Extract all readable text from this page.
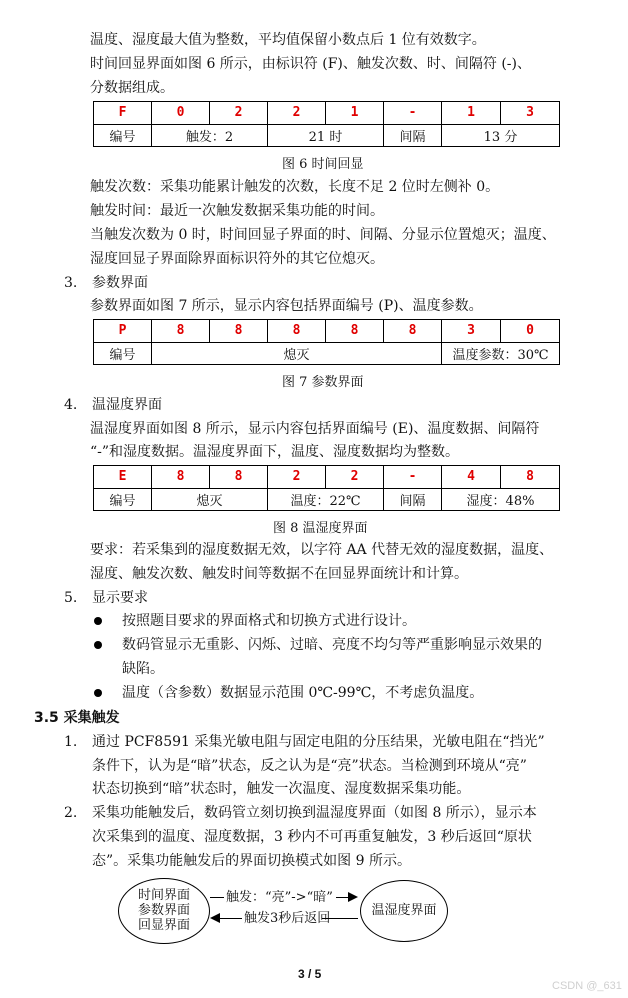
温度、湿度最大值为整数，平均值保留小数点后 1 位有效数字。
时间回显界面如图 6 所示，由标识符 (F)、触发次数、时、间隔符 (-)、
分数据组成。
F	0	2	2	1	-	1	3
编号	触发：2		21 时		间隔	13 分	
图 6 时间回显
触发次数：采集功能累计触发的次数，长度不足 2 位时左侧补 0。
触发时间：最近一次触发数据采集功能的时间。
当触发次数为 0 时，时间回显子界面的时、间隔、分显示位置熄灭；温度、
湿度回显子界面除界面标识符外的其它位熄灭。
3. 参数界面
参数界面如图 7 所示，显示内容包括界面编号 (P)、温度参数。
P	8	8	8	8	8	3	0
编号	熄灭					温度参数：30℃	
图 7 参数界面
4. 温湿度界面
温湿度界面如图 8 所示，显示内容包括界面编号 (E)、温度数据、间隔符
“-”和湿度数据。温湿度界面下，温度、湿度数据均为整数。
E	8	8	2	2	-	4	8
编号	熄灭		温度：22℃		间隔	湿度：48%	
图 8 温湿度界面
要求：若采集到的湿度数据无效，以字符 AA 代替无效的湿度数据，温度、
湿度、触发次数、触发时间等数据不在回显界面统计和计算。
5. 显示要求
按照题目要求的界面格式和切换方式进行设计。
数码管显示无重影、闪烁、过暗、亮度不均匀等严重影响显示效果的
缺陷。
温度（含参数）数据显示范围 0℃-99℃，不考虑负温度。
3.5 采集触发
1. 通过 PCF8591 采集光敏电阻与固定电阻的分压结果，光敏电阻在“挡光”
条件下，认为是“暗”状态，反之认为是“亮”状态。当检测到环境从“亮”
状态切换到“暗”状态时，触发一次温度、湿度数据采集功能。
2. 采集功能触发后，数码管立刻切换到温湿度界面（如图 8 所示），显示本
次采集到的温度、湿度数据，3 秒内不可再重复触发，3 秒后返回“原状
态”。采集功能触发后的界面切换模式如图 9 所示。
时间界面
参数界面
回显界面
温湿度界面
触发：“亮”->“暗”
触发3秒后返回
3 / 5
CSDN @_631
